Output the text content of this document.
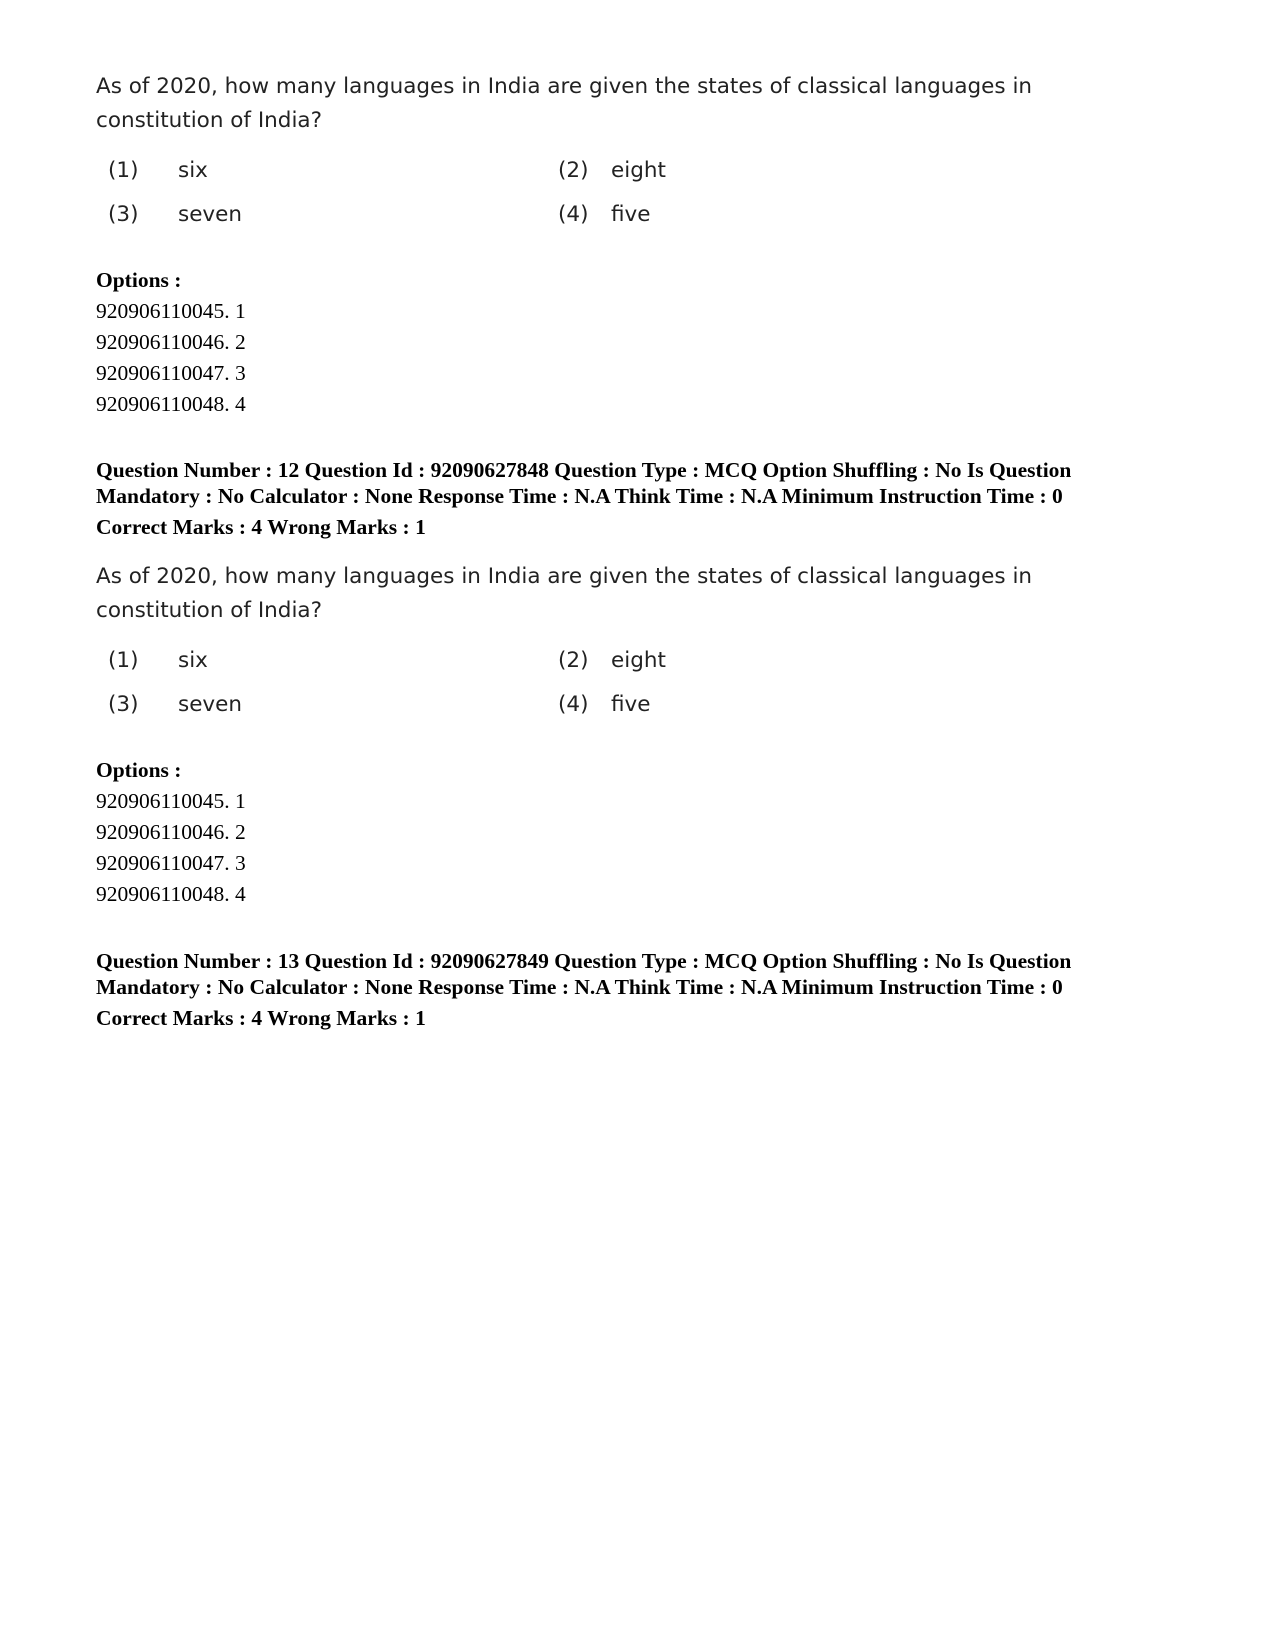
As of 2020, how many languages in India are given the states of classical languages in
constitution of India?

(1) six	(2) eight
(3) seven	(4) five
Options :
920906110045. 1
920906110046. 2
920906110047. 3
920906110048. 4
Question Number : 12 Question Id : 92090627848 Question Type : MCQ Option Shuffling : No Is Question
Mandatory : No Calculator : None Response Time : N.A Think Time : N.A Minimum Instruction Time : 0
Correct Marks : 4 Wrong Marks : 1

As of 2020, how many languages in India are given the states of classical languages in
constitution of India?

(1) six	(2) eight
(3) seven	(4) five
Options :
920906110045. 1
920906110046. 2
920906110047. 3
920906110048. 4
Question Number : 13 Question Id : 92090627849 Question Type : MCQ Option Shuffling : No Is Question
Mandatory : No Calculator : None Response Time : N.A Think Time : N.A Minimum Instruction Time : 0
Correct Marks : 4 Wrong Marks : 1
